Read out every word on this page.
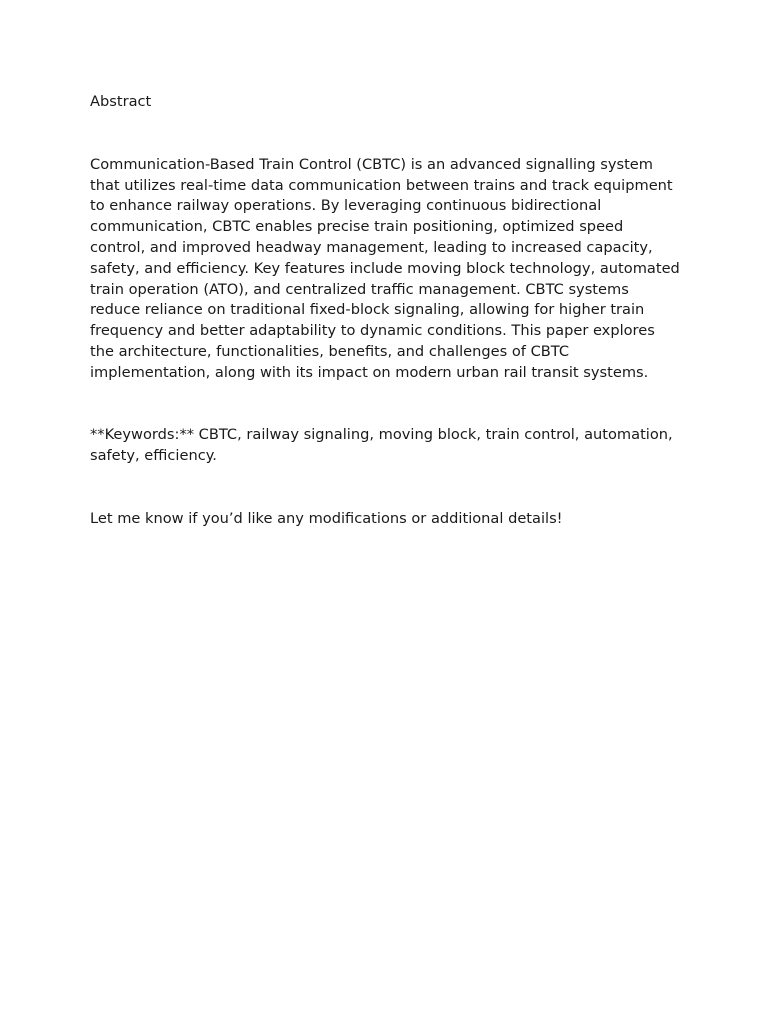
Abstract

Communication-Based Train Control (CBTC) is an advanced signalling system that utilizes real-time data communication between trains and track equipment to enhance railway operations. By leveraging continuous bidirectional communication, CBTC enables precise train positioning, optimized speed control, and improved headway management, leading to increased capacity, safety, and efficiency. Key features include moving block technology, automated train operation (ATO), and centralized traffic management. CBTC systems reduce reliance on traditional fixed-block signaling, allowing for higher train frequency and better adaptability to dynamic conditions. This paper explores the architecture, functionalities, benefits, and challenges of CBTC implementation, along with its impact on modern urban rail transit systems.

**Keywords:** CBTC, railway signaling, moving block, train control, automation, safety, efficiency.

Let me know if you’d like any modifications or additional details!
